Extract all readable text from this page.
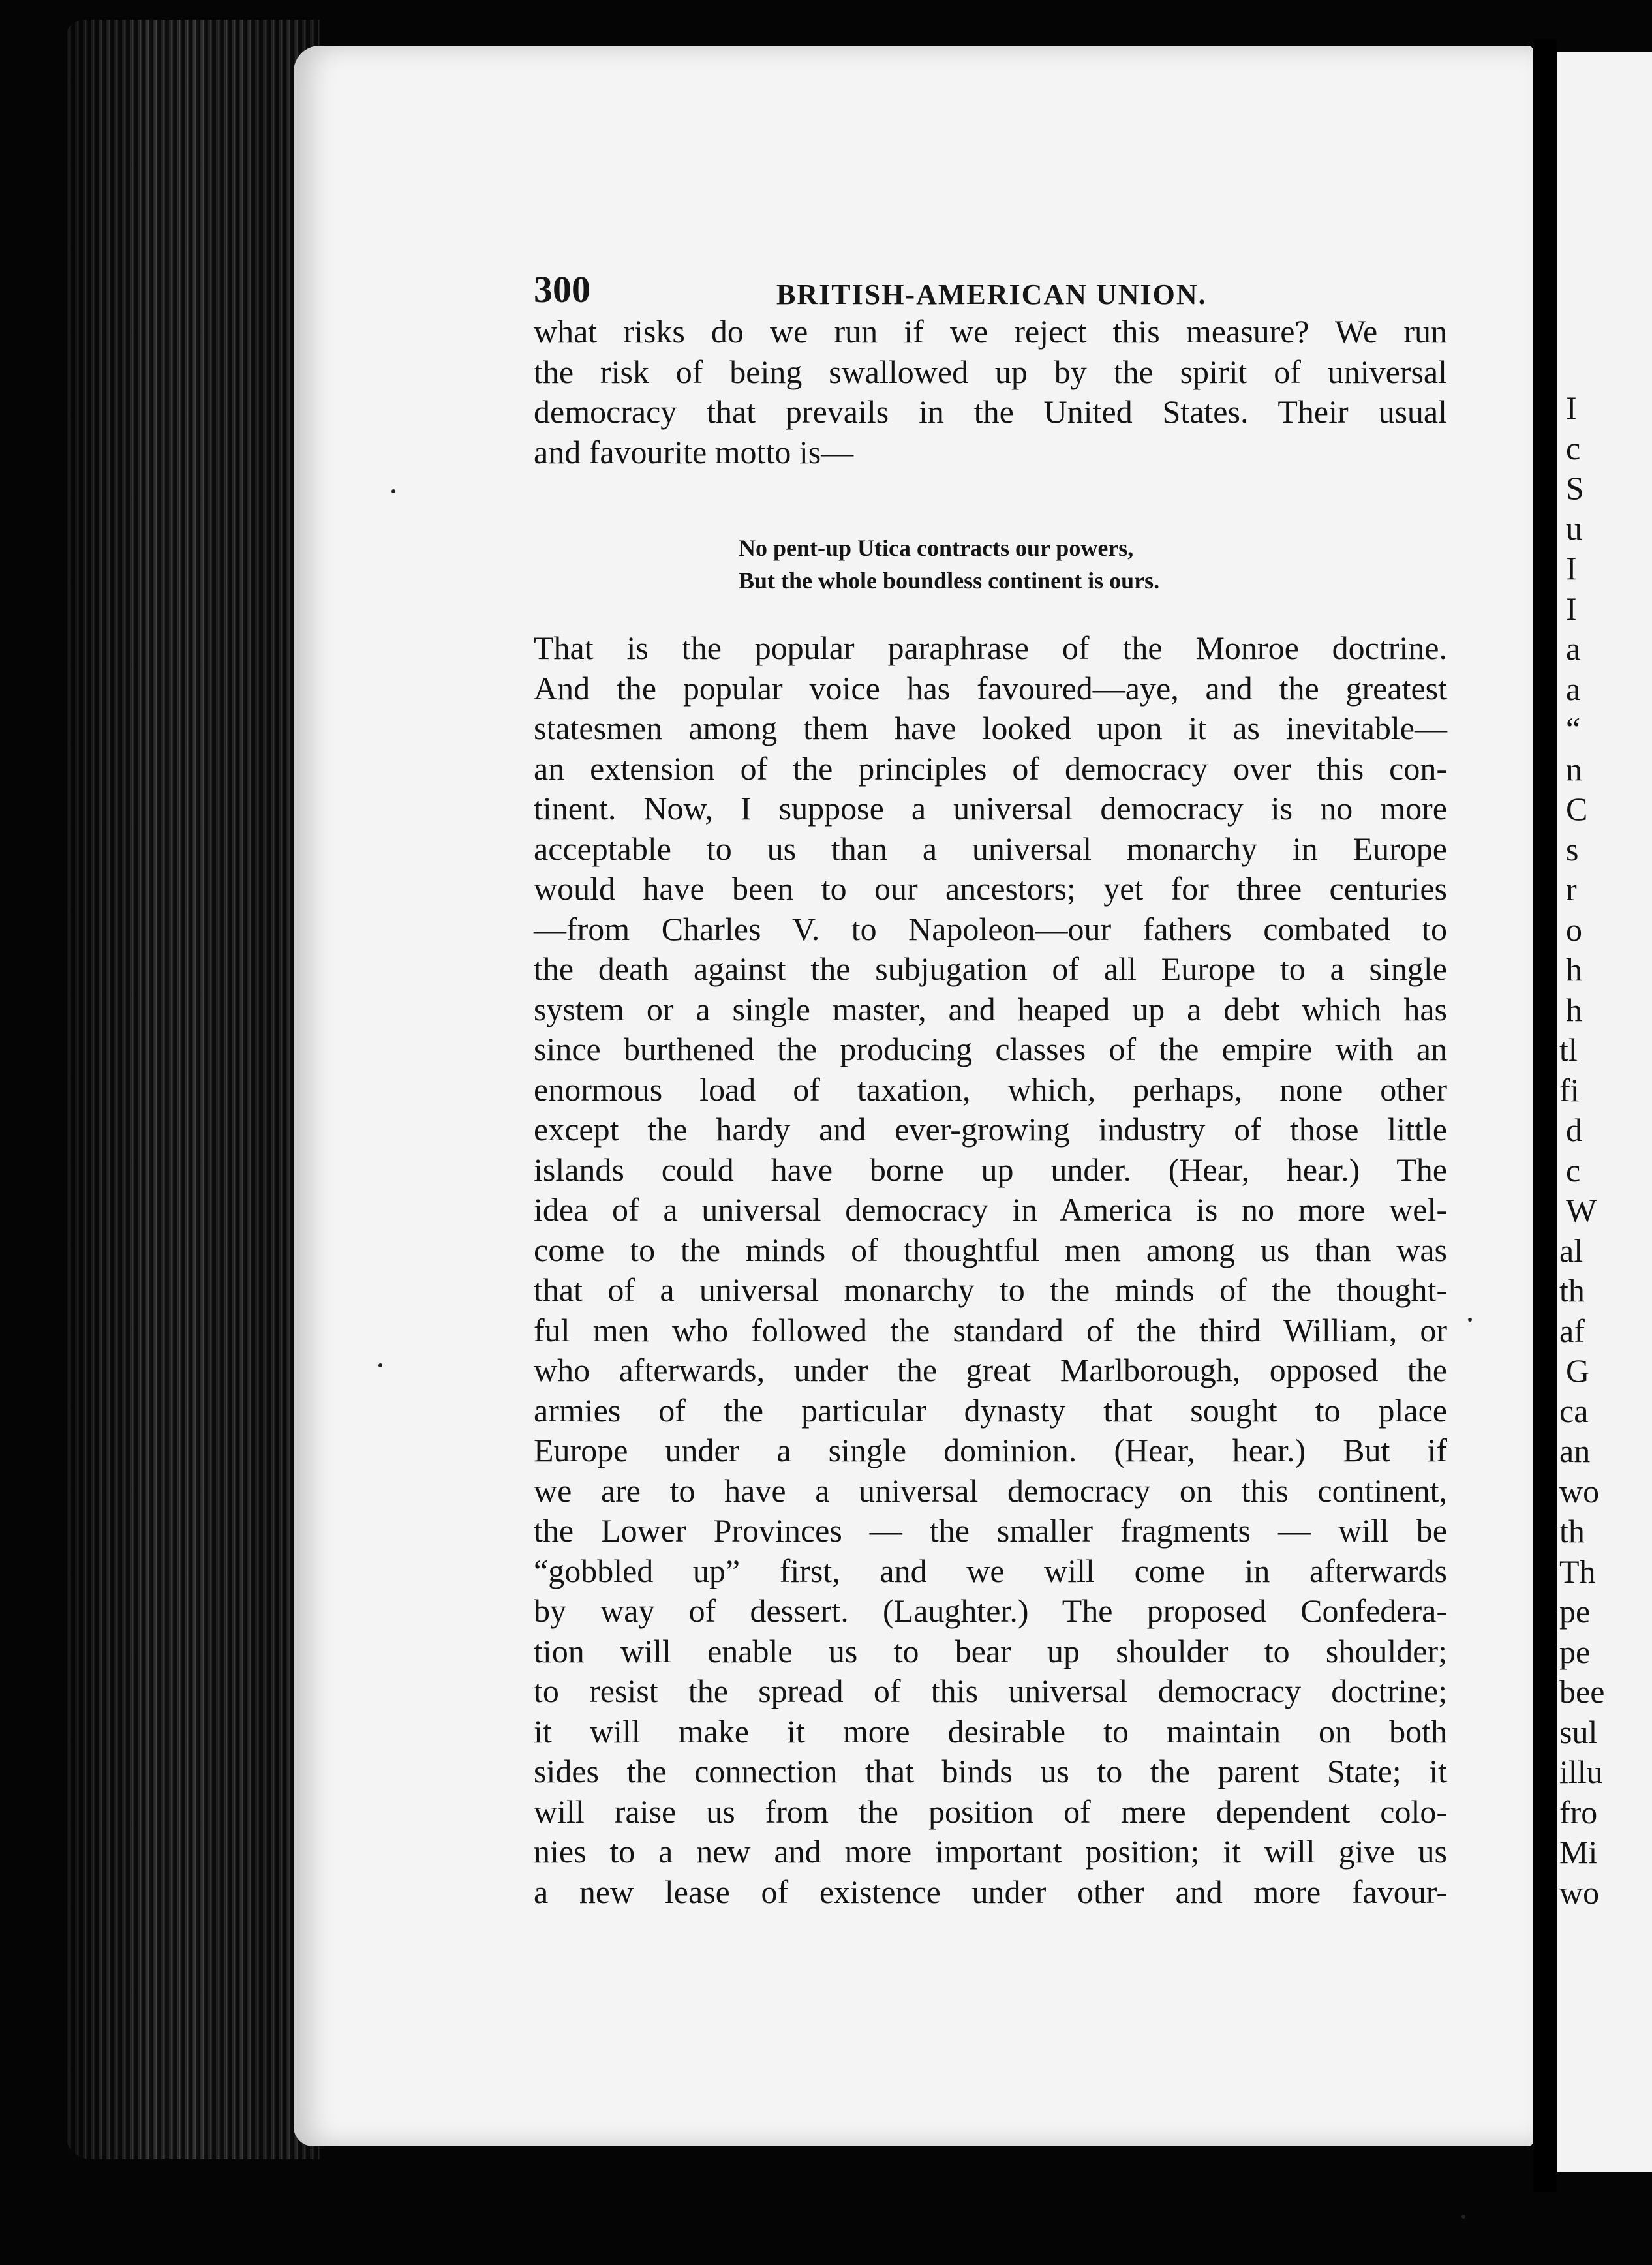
I
c
S
u
I
I
a
a
“
n
C
s
r
o
h
h
tl
fi
d
c
W
al
th
af
G
ca
an
wo
th
Th
pe
pe
bee
sul
illu
fro
Mi
wo
300	BRITISH-AMERICAN UNION.
what risks do we run if we reject this measure? We run
the risk of being swallowed up by the spirit of universal
democracy that prevails in the United States. Their usual
and favourite motto is—
No pent-up Utica contracts our powers,
But the whole boundless continent is ours.
That is the popular paraphrase of the Monroe doctrine.
And the popular voice has favoured—aye, and the greatest
statesmen among them have looked upon it as inevitable—
an extension of the principles of democracy over this con-
tinent. Now, I suppose a universal democracy is no more
acceptable to us than a universal monarchy in Europe
would have been to our ancestors; yet for three centuries
—from Charles V. to Napoleon—our fathers combated to
the death against the subjugation of all Europe to a single
system or a single master, and heaped up a debt which has
since burthened the producing classes of the empire with an
enormous load of taxation, which, perhaps, none other
except the hardy and ever-growing industry of those little
islands could have borne up under. (Hear, hear.) The
idea of a universal democracy in America is no more wel-
come to the minds of thoughtful men among us than was
that of a universal monarchy to the minds of the thought-
ful men who followed the standard of the third William, or
who afterwards, under the great Marlborough, opposed the
armies of the particular dynasty that sought to place
Europe under a single dominion. (Hear, hear.) But if
we are to have a universal democracy on this continent,
the Lower Provinces — the smaller fragments — will be
“gobbled up” first, and we will come in afterwards
by way of dessert. (Laughter.) The proposed Confedera-
tion will enable us to bear up shoulder to shoulder;
to resist the spread of this universal democracy doctrine;
it will make it more desirable to maintain on both
sides the connection that binds us to the parent State; it
will raise us from the position of mere dependent colo-
nies to a new and more important position; it will give us
a new lease of existence under other and more favour-
